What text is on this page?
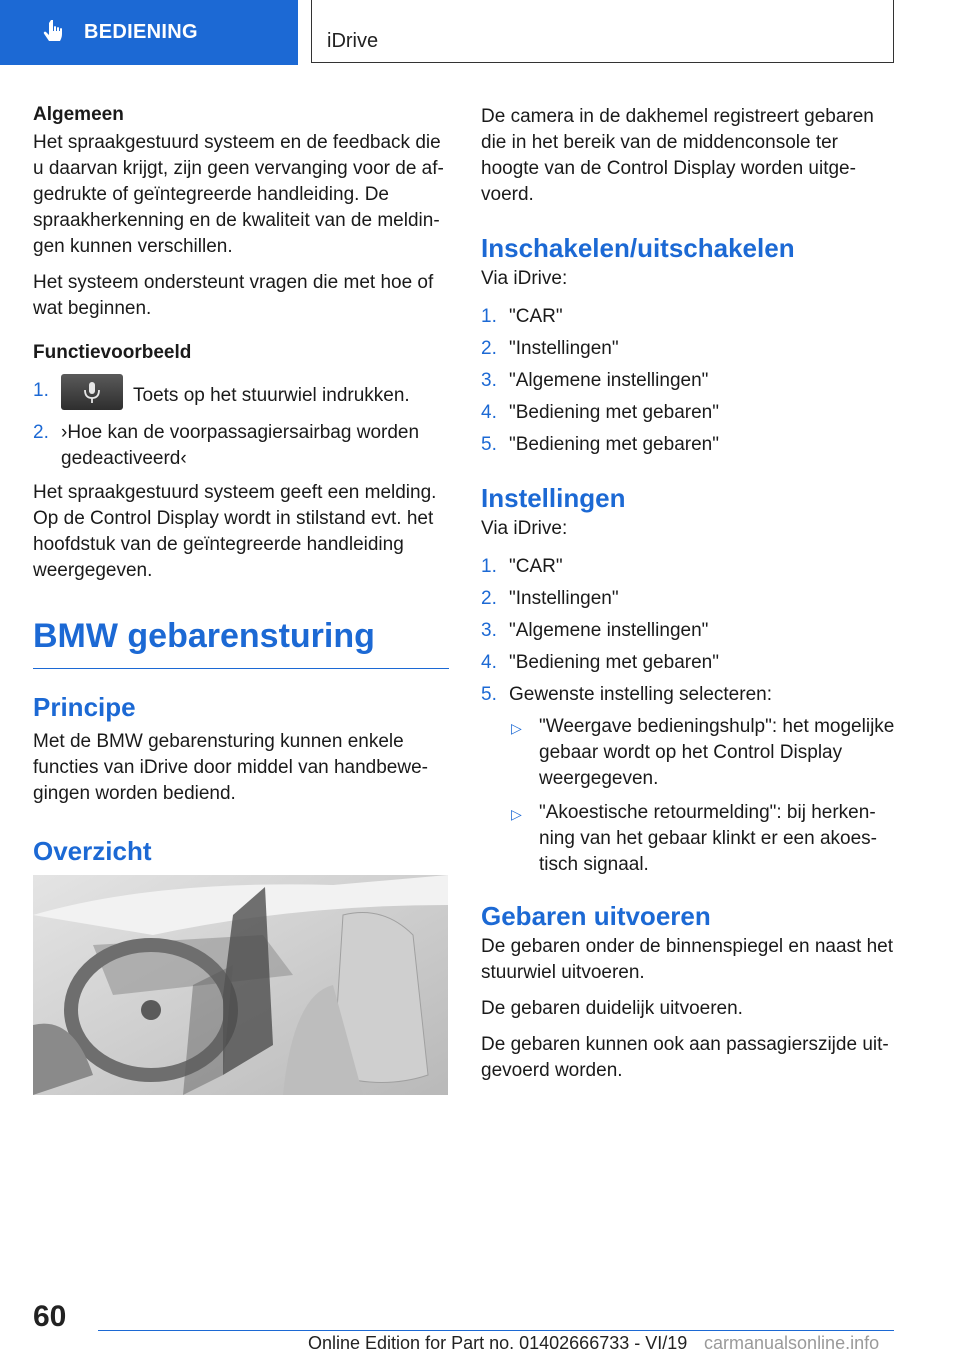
BEDIENING	iDrive
Algemeen

Het spraakgestuurd systeem en de feedback die u daarvan krijgt, zijn geen vervanging voor de afgedrukte of geïntegreerde handleiding. De spraakherkenning en de kwaliteit van de meldingen kunnen verschillen.

Het systeem ondersteunt vragen die met hoe of wat beginnen.

Functievoorbeeld
1.	Toets op het stuurwiel indrukken.
2. ›Hoe kan de voorpassagiersairbag worden gedeactiveerd‹

Het spraakgestuurd systeem geeft een melding. Op de Control Display wordt in stilstand evt. het hoofdstuk van de geïntegreerde handleiding weergegeven.

BMW gebarensturing
Principe

Met de BMW gebarensturing kunnen enkele functies van iDrive door middel van handbewegingen worden bediend.

Overzicht

De camera in de dakhemel registreert gebaren die in het bereik van de middenconsole ter hoogte van de Control Display worden uitgevoerd.

Inschakelen/uitschakelen

Via iDrive:

1. "CAR"
2. "Instellingen"
3. "Algemene instellingen"
4. "Bediening met gebaren"
5. "Bediening met gebaren"
Instellingen

Via iDrive:

1. "CAR"
2. "Instellingen"
3. "Algemene instellingen"
4. "Bediening met gebaren"
5. Gewenste instelling selecteren:
▷ "Weergave bedieningshulp": het mogelijke gebaar wordt op het Control Display weergegeven.
▷ "Akoestische retourmelding": bij herkenning van het gebaar klinkt er een akoestisch signaal.
Gebaren uitvoeren

De gebaren onder de binnenspiegel en naast het stuurwiel uitvoeren.

De gebaren duidelijk uitvoeren.

De gebaren kunnen ook aan passagierszijde uitgevoerd worden.

60
Online Edition for Part no. 01402666733 - VI/19 carmanualsonline.info
